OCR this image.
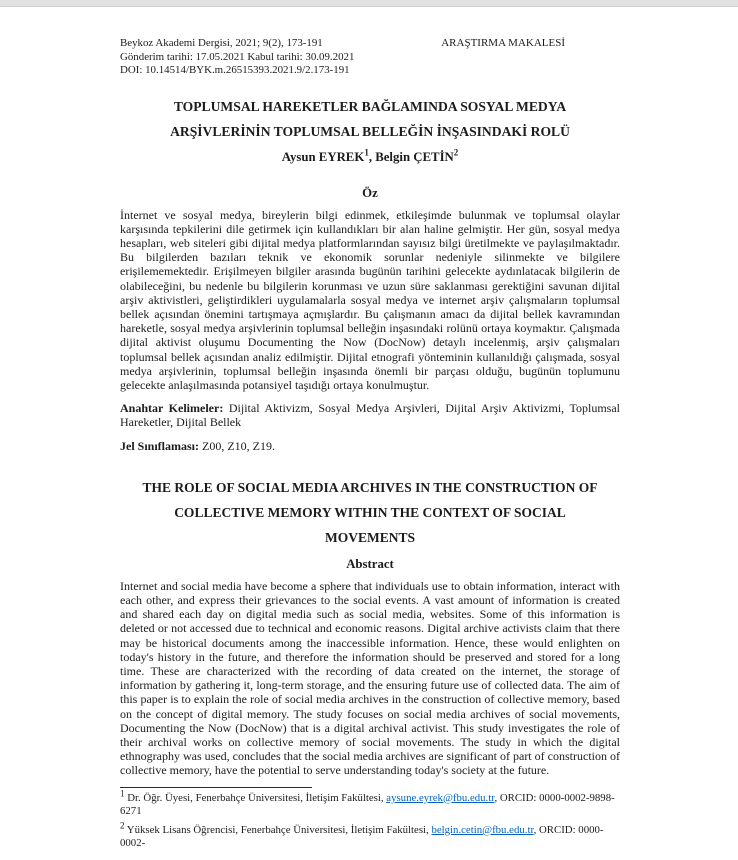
Beykoz Akademi Dergisi, 2021; 9(2), 173-191
Gönderim tarihi: 17.05.2021 Kabul tarihi: 30.09.2021
DOI: 10.14514/BYK.m.26515393.2021.9/2.173-191
ARAŞTIRMA MAKALESİ
TOPLUMSAL HAREKETLER BAĞLAMINDA SOSYAL MEDYA
ARŞİVLERİNİN TOPLUMSAL BELLEĞİN İNŞASINDAKİ ROLÜ
Aysun EYREK$^1$, Belgin ÇETİN$^2$
Öz

İnternet ve sosyal medya, bireylerin bilgi edinmek, etkileşimde bulunmak ve toplumsal olaylar karşısında tepkilerini dile getirmek için kullandıkları bir alan haline gelmiştir. Her gün, sosyal medya hesapları, web siteleri gibi dijital medya platformlarından sayısız bilgi üretilmekte ve paylaşılmaktadır. Bu bilgilerden bazıları teknik ve ekonomik sorunlar nedeniyle silinmekte ve bilgilere erişilememektedir. Erişilmeyen bilgiler arasında bugünün tarihini gelecekte aydınlatacak bilgilerin de olabileceğini, bu nedenle bu bilgilerin korunması ve uzun süre saklanması gerektiğini savunan dijital arşiv aktivistleri, geliştirdikleri uygulamalarla sosyal medya ve internet arşiv çalışmaların toplumsal bellek açısından önemini tartışmaya açmışlardır. Bu çalışmanın amacı da dijital bellek kavramından hareketle, sosyal medya arşivlerinin toplumsal belleğin inşasındaki rolünü ortaya koymaktır. Çalışmada dijital aktivist oluşumu Documenting the Now (DocNow) detaylı incelenmiş, arşiv çalışmaları toplumsal bellek açısından analiz edilmiştir. Dijital etnografi yönteminin kullanıldığı çalışmada, sosyal medya arşivlerinin, toplumsal belleğin inşasında önemli bir parçası olduğu, bugünün toplumunu gelecekte anlaşılmasında potansiyel taşıdığı ortaya konulmuştur.

Anahtar Kelimeler: Dijital Aktivizm, Sosyal Medya Arşivleri, Dijital Arşiv Aktivizmi, Toplumsal Hareketler, Dijital Bellek

Jel Sınıflaması: Z00, Z10, Z19.

THE ROLE OF SOCIAL MEDIA ARCHIVES IN THE CONSTRUCTION OF
COLLECTIVE MEMORY WITHIN THE CONTEXT OF SOCIAL
MOVEMENTS
Abstract

Internet and social media have become a sphere that individuals use to obtain information, interact with each other, and express their grievances to the social events. A vast amount of information is created and shared each day on digital media such as social media, websites. Some of this information is deleted or not accessed due to technical and economic reasons. Digital archive activists claim that there may be historical documents among the inaccessible information. Hence, these would enlighten on today's history in the future, and therefore the information should be preserved and stored for a long time. These are characterized with the recording of data created on the internet, the storage of information by gathering it, long-term storage, and the ensuring future use of collected data. The aim of this paper is to explain the role of social media archives in the construction of collective memory, based on the concept of digital memory. The study focuses on social media archives of social movements, Documenting the Now (DocNow) that is a digital archival activist. This study investigates the role of their archival works on collective memory of social movements. The study in which the digital ethnography was used, concludes that the social media archives are significant of part of construction of collective memory, have the potential to serve understanding today's society at the future.

$^1$ Dr. Öğr. Üyesi, Fenerbahçe Üniversitesi, İletişim Fakültesi, aysune.eyrek@fbu.edu.tr, ORCID: 0000-0002-9898-6271

$^2$ Yüksek Lisans Öğrencisi, Fenerbahçe Üniversitesi, İletişim Fakültesi, belgin.cetin@fbu.edu.tr, ORCID: 0000-0002-
